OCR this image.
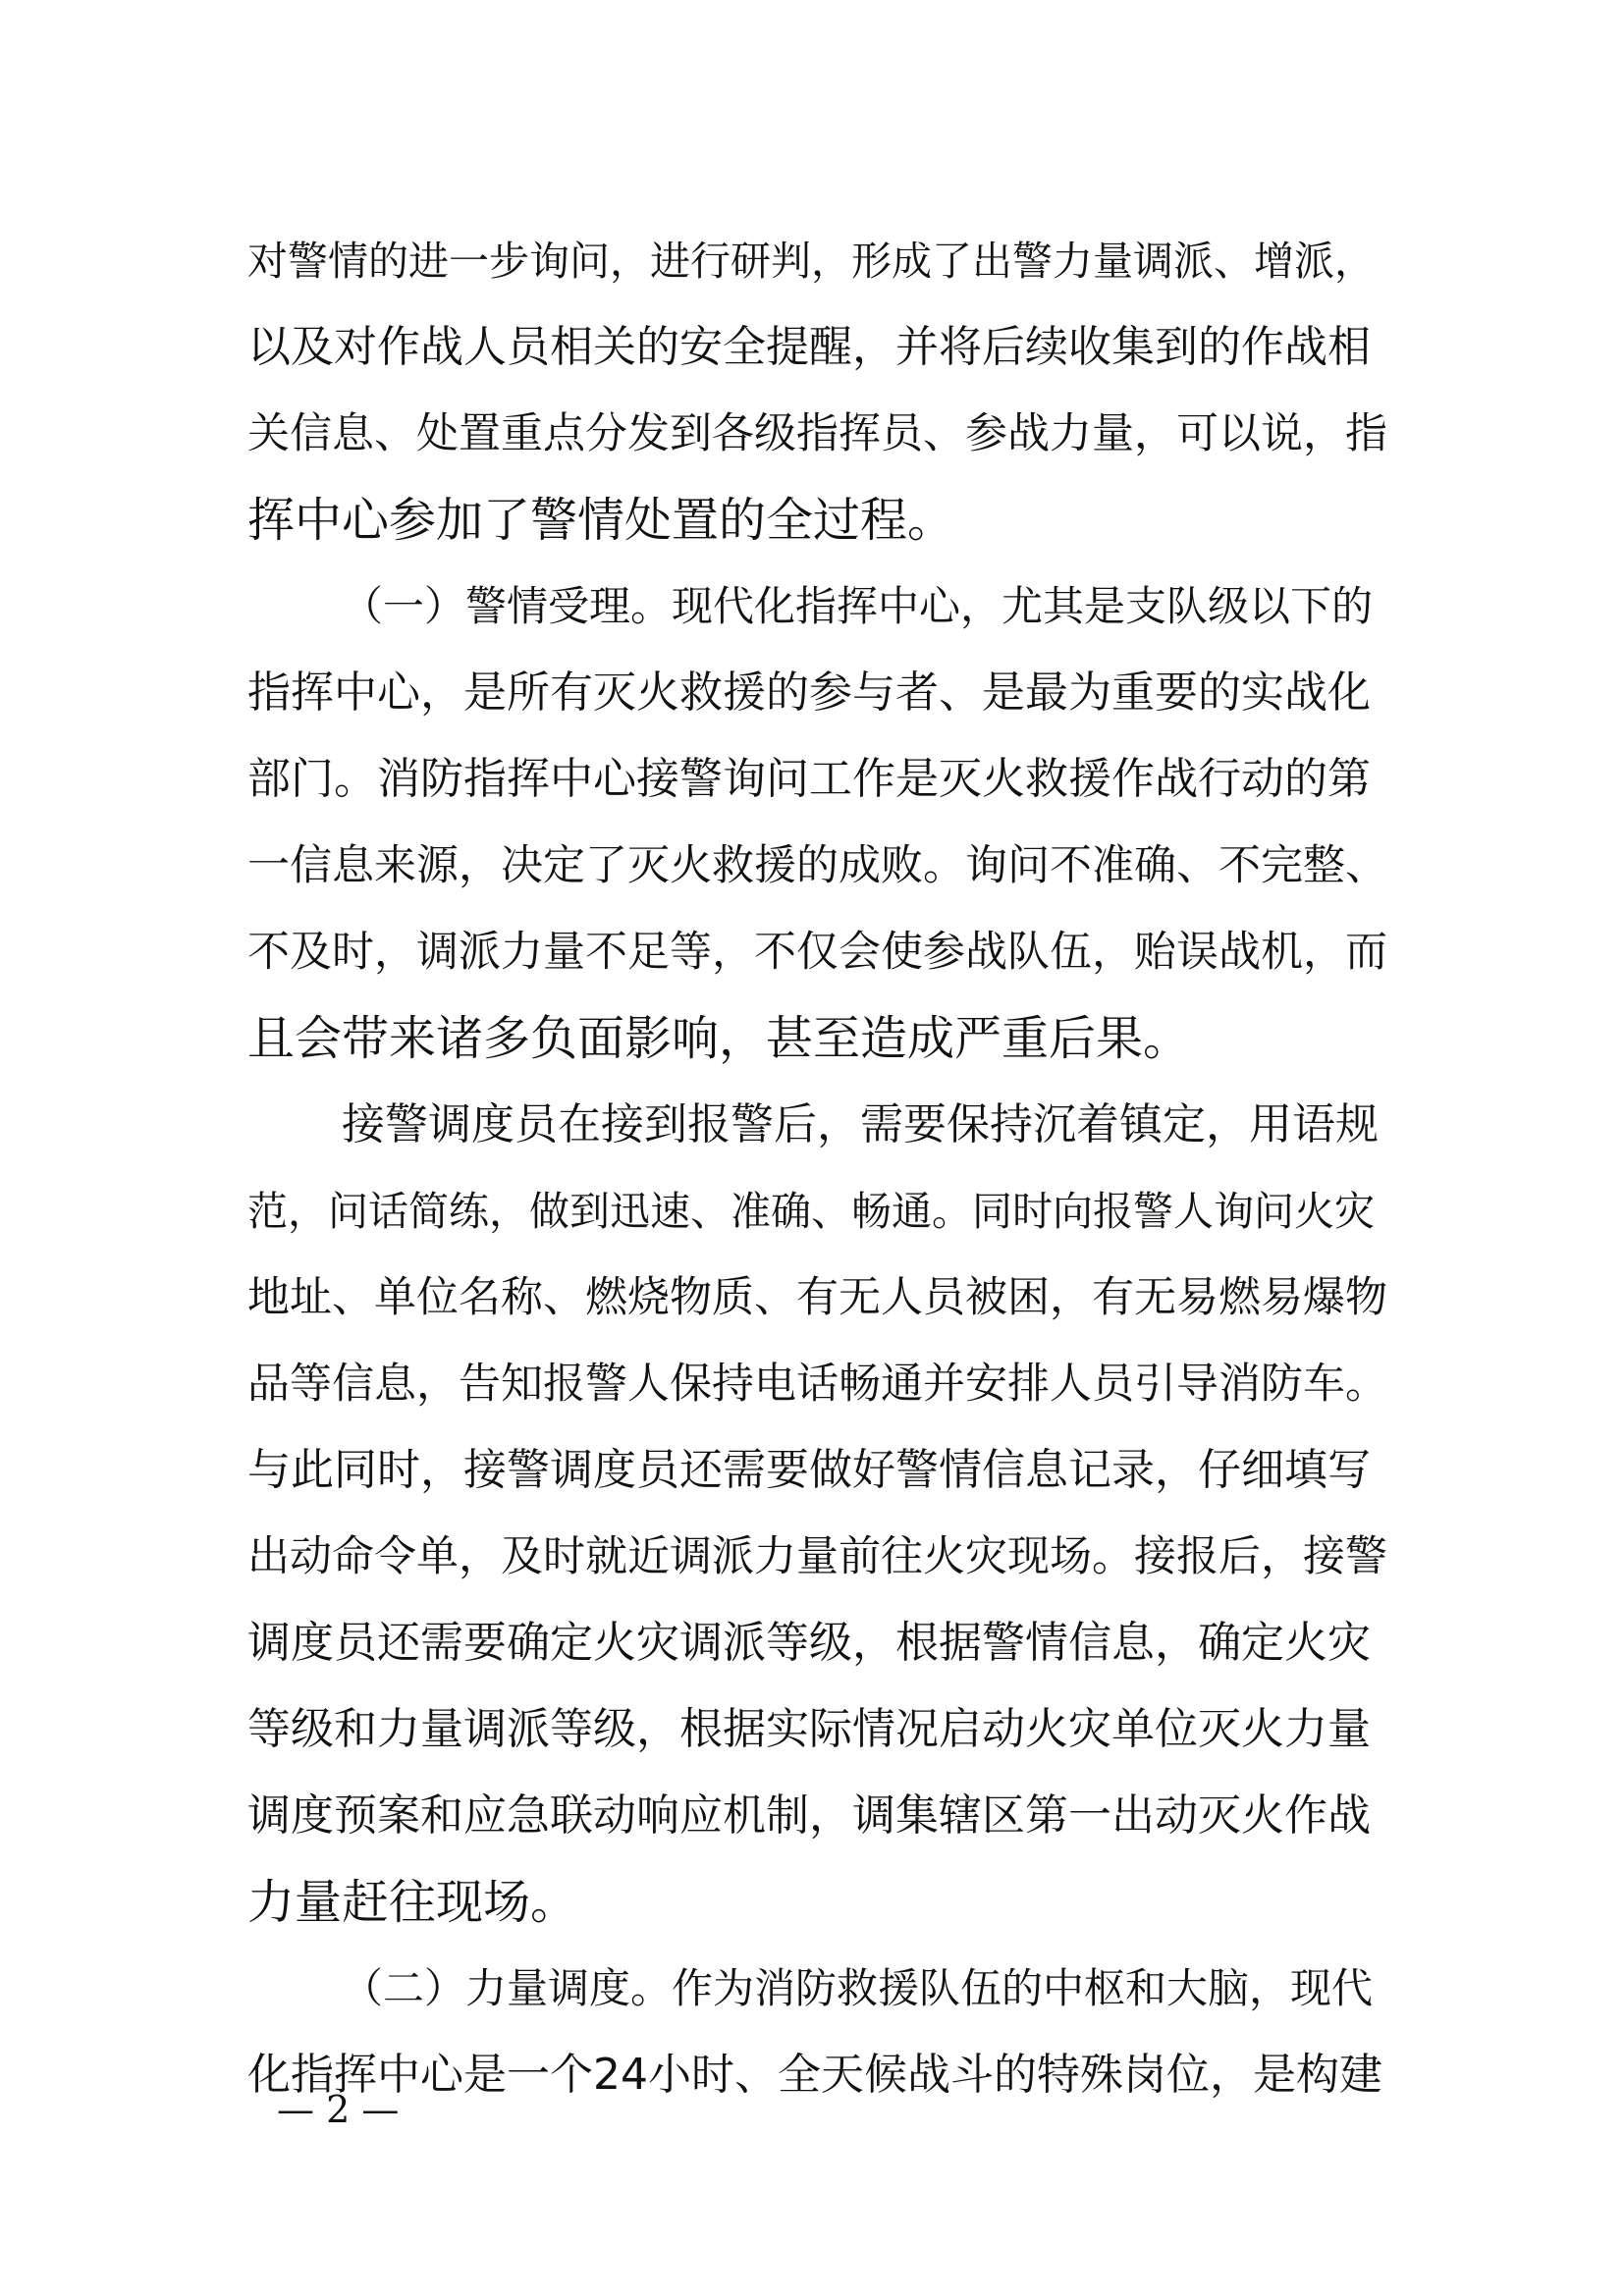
对警情的进一步询问，进行研判，形成了出警力量调派、增派，
以及对作战人员相关的安全提醒，并将后续收集到的作战相
关信息、处置重点分发到各级指挥员、参战力量，可以说，指
挥中心参加了警情处置的全过程。
（一）警情受理。现代化指挥中心，尤其是支队级以下的
指挥中心，是所有灭火救援的参与者、是最为重要的实战化
部门。消防指挥中心接警询问工作是灭火救援作战行动的第
一信息来源，决定了灭火救援的成败。询问不准确、不完整、
不及时，调派力量不足等，不仅会使参战队伍，贻误战机，而
且会带来诸多负面影响，甚至造成严重后果。
接警调度员在接到报警后，需要保持沉着镇定，用语规
范，问话简练，做到迅速、准确、畅通。同时向报警人询问火灾
地址、单位名称、燃烧物质、有无人员被困，有无易燃易爆物
品等信息，告知报警人保持电话畅通并安排人员引导消防车。
与此同时，接警调度员还需要做好警情信息记录，仔细填写
出动命令单，及时就近调派力量前往火灾现场。接报后，接警
调度员还需要确定火灾调派等级，根据警情信息，确定火灾
等级和力量调派等级，根据实际情况启动火灾单位灭火力量
调度预案和应急联动响应机制，调集辖区第一出动灭火作战
力量赶往现场。
（二）力量调度。作为消防救援队伍的中枢和大脑，现代
化指挥中心是一个24小时、全天候战斗的特殊岗位，是构建
— 2 —
